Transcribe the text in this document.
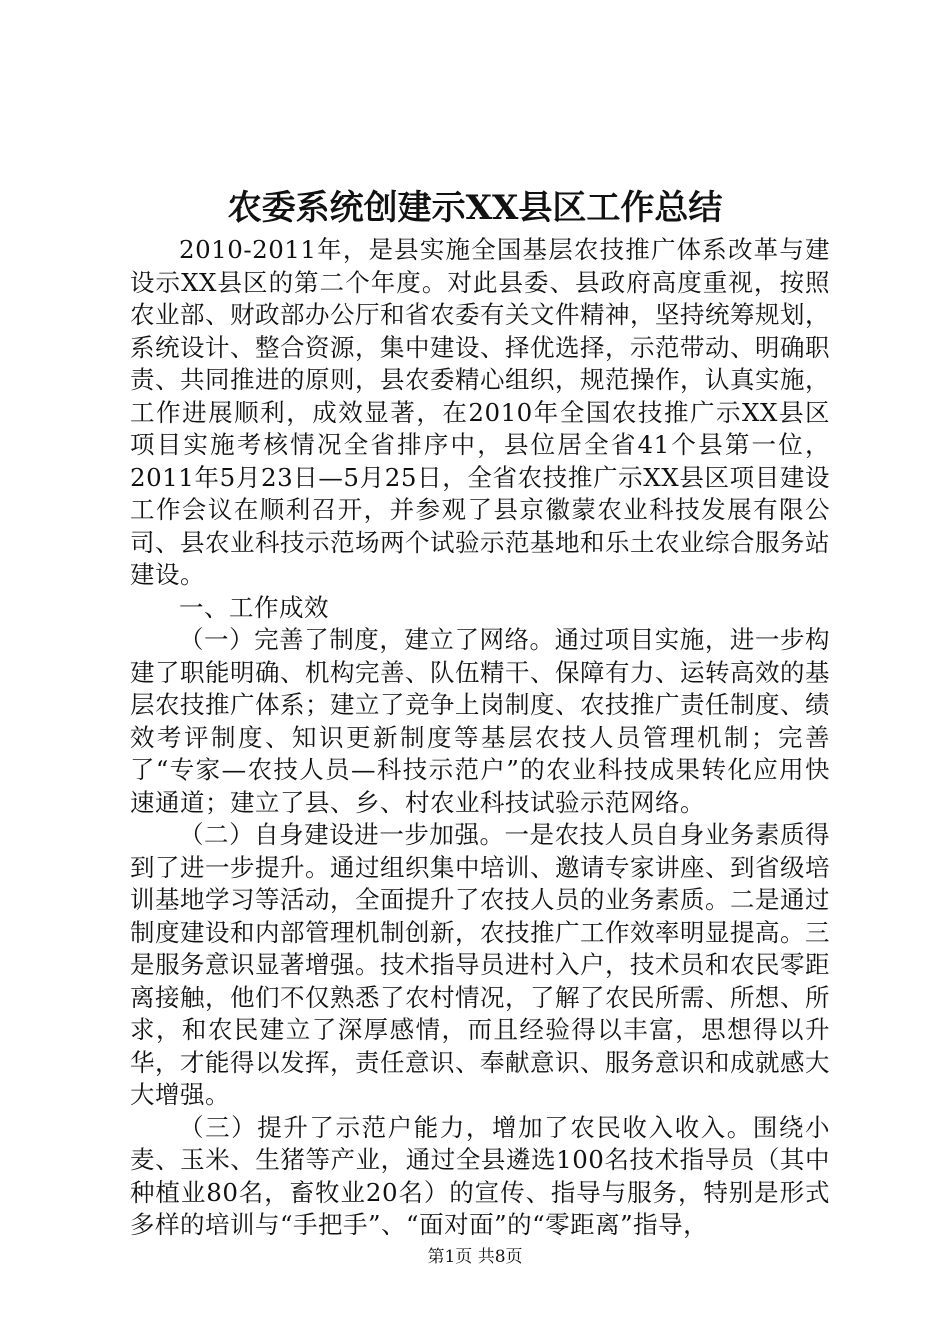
农委系统创建示XX县区工作总结

2010-2011年，是县实施全国基层农技推广体系改革与建设示XX县区的第二个年度。对此县委、县政府高度重视，按照农业部、财政部办公厅和省农委有关文件精神，坚持统筹规划，系统设计、整合资源，集中建设、择优选择，示范带动、明确职责、共同推进的原则，县农委精心组织，规范操作，认真实施，工作进展顺利，成效显著，在2010年全国农技推广示XX县区项目实施考核情况全省排序中，县位居全省41个县第一位，2011年5月23日—5月25日，全省农技推广示XX县区项目建设工作会议在顺利召开，并参观了县京徽蒙农业科技发展有限公司、县农业科技示范场两个试验示范基地和乐土农业综合服务站建设。

一、工作成效

（一）完善了制度，建立了网络。通过项目实施，进一步构建了职能明确、机构完善、队伍精干、保障有力、运转高效的基层农技推广体系；建立了竞争上岗制度、农技推广责任制度、绩效考评制度、知识更新制度等基层农技人员管理机制；完善了“专家—农技人员—科技示范户”的农业科技成果转化应用快速通道；建立了县、乡、村农业科技试验示范网络。

（二）自身建设进一步加强。一是农技人员自身业务素质得到了进一步提升。通过组织集中培训、邀请专家讲座、到省级培训基地学习等活动，全面提升了农技人员的业务素质。二是通过制度建设和内部管理机制创新，农技推广工作效率明显提高。三是服务意识显著增强。技术指导员进村入户，技术员和农民零距离接触，他们不仅熟悉了农村情况，了解了农民所需、所想、所求，和农民建立了深厚感情，而且经验得以丰富，思想得以升华，才能得以发挥，责任意识、奉献意识、服务意识和成就感大大增强。

（三）提升了示范户能力，增加了农民收入收入。围绕小麦、玉米、生猪等产业，通过全县遴选100名技术指导员（其中种植业80名，畜牧业20名）的宣传、指导与服务，特别是形式多样的培训与“手把手”、“面对面”的“零距离”指导，

第1页 共8页
